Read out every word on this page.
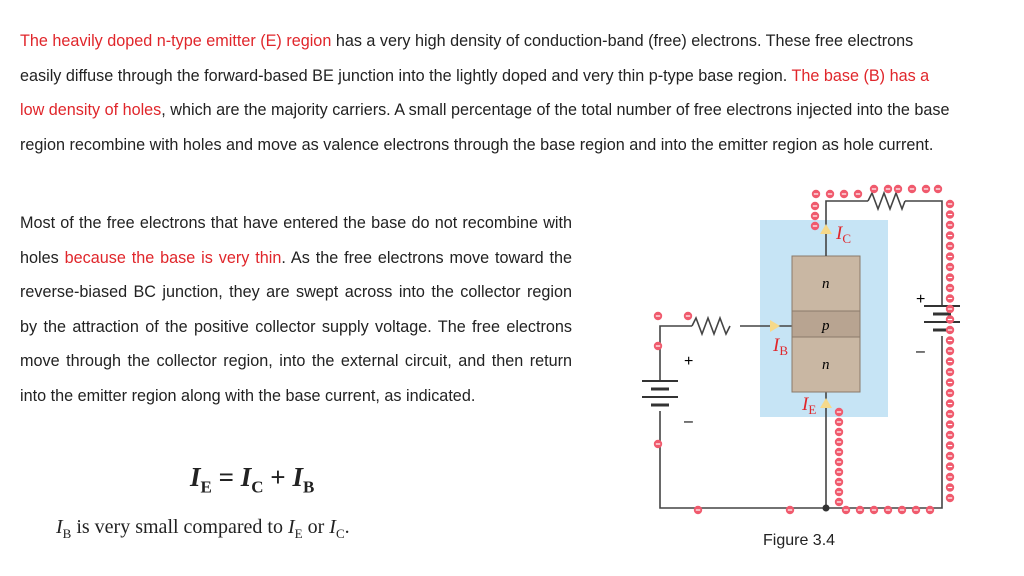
The heavily doped n-type emitter (E) region has a very high density of conduction-band (free) electrons. These free electrons easily diffuse through the forward-based BE junction into the lightly doped and very thin p-type base region. The base (B) has a low density of holes, which are the majority carriers. A small percentage of the total number of free electrons injected into the base region recombine with holes and move as valence electrons through the base region and into the emitter region as hole current.
Most of the free electrons that have entered the base do not recombine with holes because the base is very thin. As the free electrons move toward the reverse-biased BC junction, they are swept across into the collector region by the attraction of the positive collector supply voltage. The free electrons move through the collector region, into the external circuit, and then return into the emitter region along with the base current, as indicated.
$I_E = I_C + I_B$
$I_B$ is very small compared to $I_E$ or $I_C$.
+
–
+
–
n
p
n
$I_C$
$I_B$
$I_E$
Figure 3.4
